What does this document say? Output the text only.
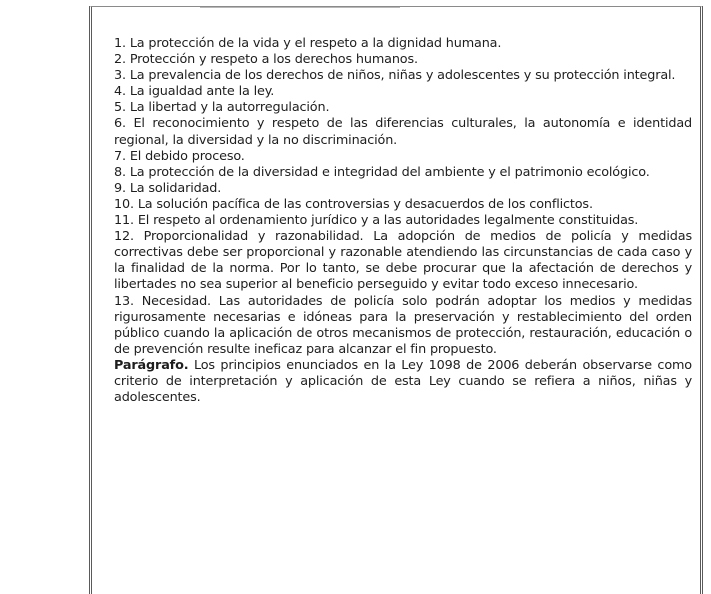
1. La protección de la vida y el respeto a la dignidad humana.

2. Protección y respeto a los derechos humanos.

3. La prevalencia de los derechos de niños, niñas y adolescentes y su protección integral.

4. La igualdad ante la ley.

5. La libertad y la autorregulación.

6. El reconocimiento y respeto de las diferencias culturales, la autonomía e identidad regional, la diversidad y la no discriminación.

7. El debido proceso.

8. La protección de la diversidad e integridad del ambiente y el patrimonio ecológico.

9. La solidaridad.

10. La solución pacífica de las controversias y desacuerdos de los conflictos.

11. El respeto al ordenamiento jurídico y a las autoridades legalmente constituidas.

12. Proporcionalidad y razonabilidad. La adopción de medios de policía y medidas correctivas debe ser proporcional y razonable atendiendo las circunstancias de cada caso y la finalidad de la norma. Por lo tanto, se debe procurar que la afectación de derechos y libertades no sea superior al beneficio perseguido y evitar todo exceso innecesario.

13. Necesidad. Las autoridades de policía solo podrán adoptar los medios y medidas rigurosamente necesarias e idóneas para la preservación y restablecimiento del orden público cuando la aplicación de otros mecanismos de protección, restauración, educación o de prevención resulte ineficaz para alcanzar el fin propuesto.

Parágrafo. Los principios enunciados en la Ley 1098 de 2006 deberán observarse como criterio de interpretación y aplicación de esta Ley cuando se refiera a niños, niñas y adolescentes.
